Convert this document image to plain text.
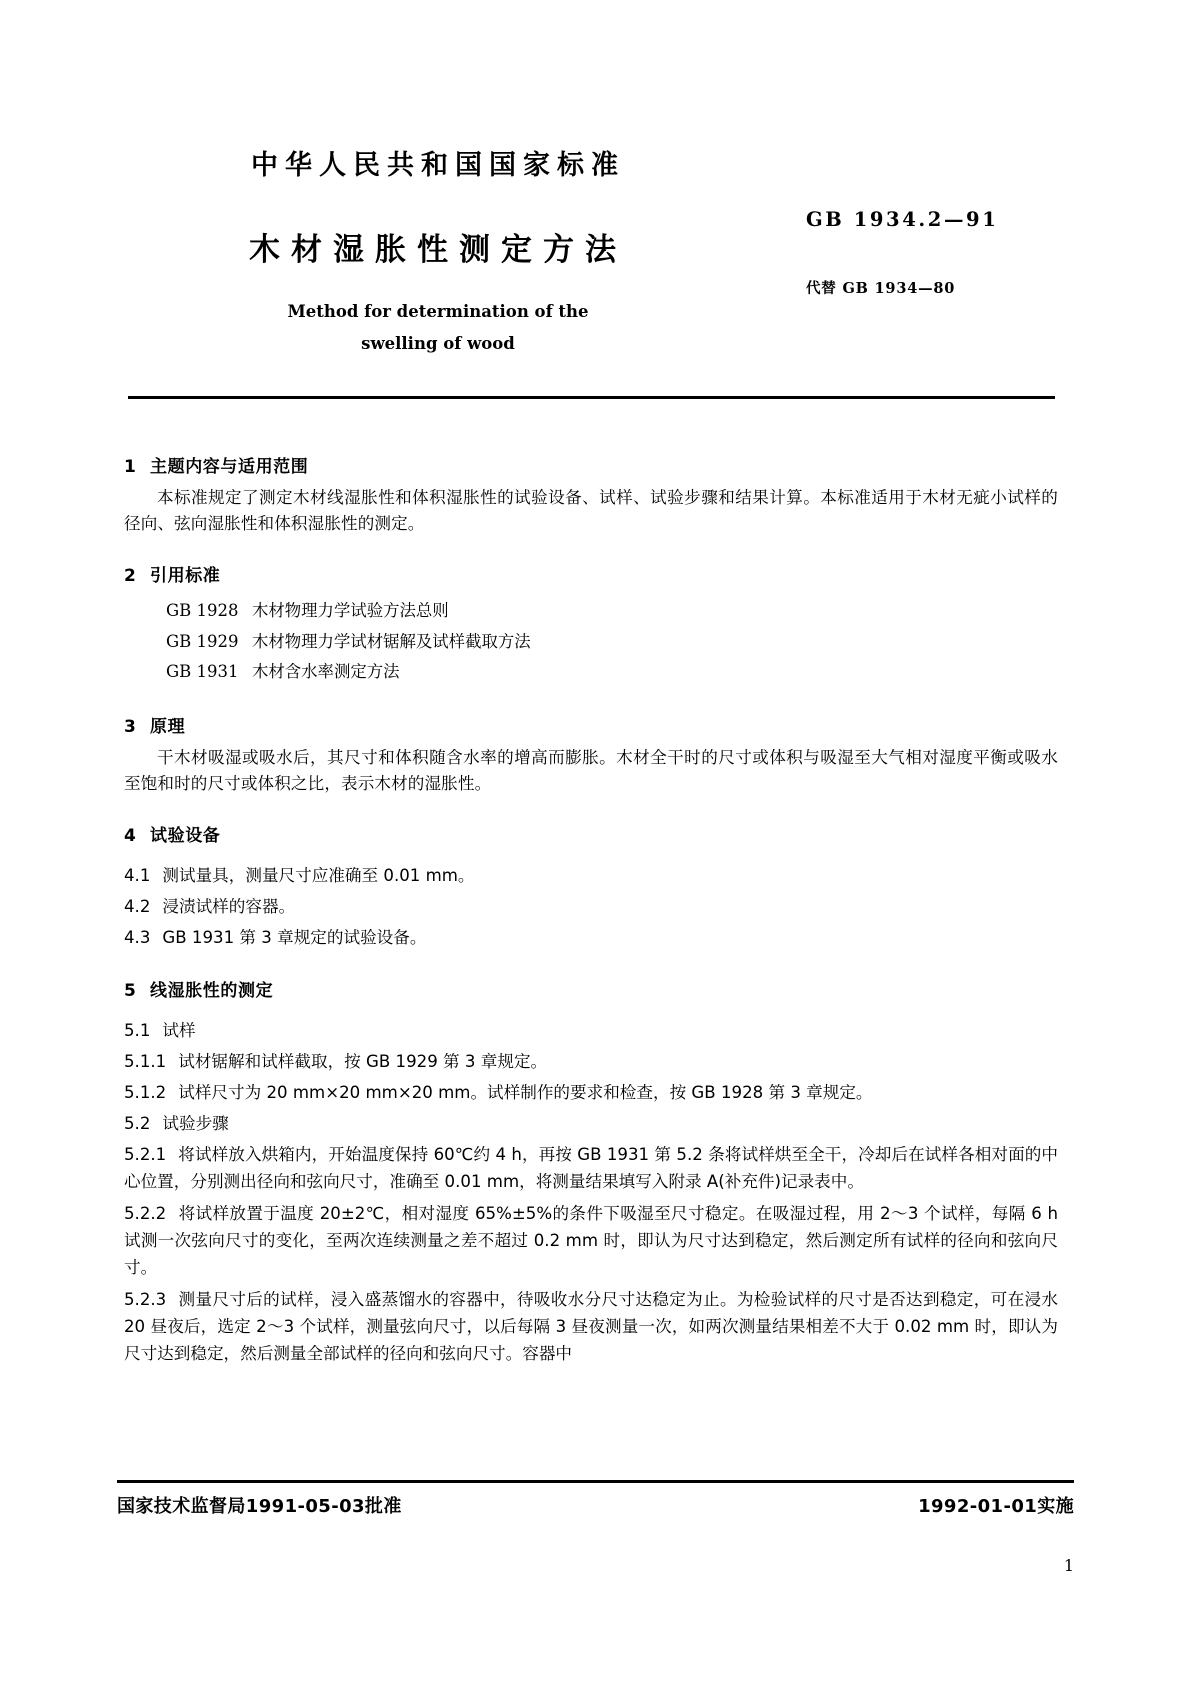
中华人民共和国国家标准
木材湿胀性测定方法
Method for determination of the
swelling of wood
GB 1934.2—91
代替 GB 1934—80
1 主题内容与适用范围

本标准规定了测定木材线湿胀性和体积湿胀性的试验设备、试样、试验步骤和结果计算。本标准适用于木材无疵小试样的径向、弦向湿胀性和体积湿胀性的测定。

2 引用标准
GB 1928 木材物理力学试验方法总则
GB 1929 木材物理力学试材锯解及试样截取方法
GB 1931 木材含水率测定方法
3 原理

干木材吸湿或吸水后，其尺寸和体积随含水率的增高而膨胀。木材全干时的尺寸或体积与吸湿至大气相对湿度平衡或吸水至饱和时的尺寸或体积之比，表示木材的湿胀性。

4 试验设备

4.1 测试量具，测量尺寸应准确至 0.01 mm。

4.2 浸渍试样的容器。

4.3 GB 1931 第 3 章规定的试验设备。

5 线湿胀性的测定

5.1 试样

5.1.1 试材锯解和试样截取，按 GB 1929 第 3 章规定。

5.1.2 试样尺寸为 20 mm×20 mm×20 mm。试样制作的要求和检查，按 GB 1928 第 3 章规定。

5.2 试验步骤

5.2.1 将试样放入烘箱内，开始温度保持 60℃约 4 h，再按 GB 1931 第 5.2 条将试样烘至全干，冷却后在试样各相对面的中心位置，分别测出径向和弦向尺寸，准确至 0.01 mm，将测量结果填写入附录 A(补充件)记录表中。

5.2.2 将试样放置于温度 20±2℃，相对湿度 65%±5%的条件下吸湿至尺寸稳定。在吸湿过程，用 2～3 个试样，每隔 6 h 试测一次弦向尺寸的变化，至两次连续测量之差不超过 0.2 mm 时，即认为尺寸达到稳定，然后测定所有试样的径向和弦向尺寸。

5.2.3 测量尺寸后的试样，浸入盛蒸馏水的容器中，待吸收水分尺寸达稳定为止。为检验试样的尺寸是否达到稳定，可在浸水 20 昼夜后，选定 2～3 个试样，测量弦向尺寸，以后每隔 3 昼夜测量一次，如两次测量结果相差不大于 0.02 mm 时，即认为尺寸达到稳定，然后测量全部试样的径向和弦向尺寸。容器中

国家技术监督局1991-05-03批准	1992-01-01实施
1
